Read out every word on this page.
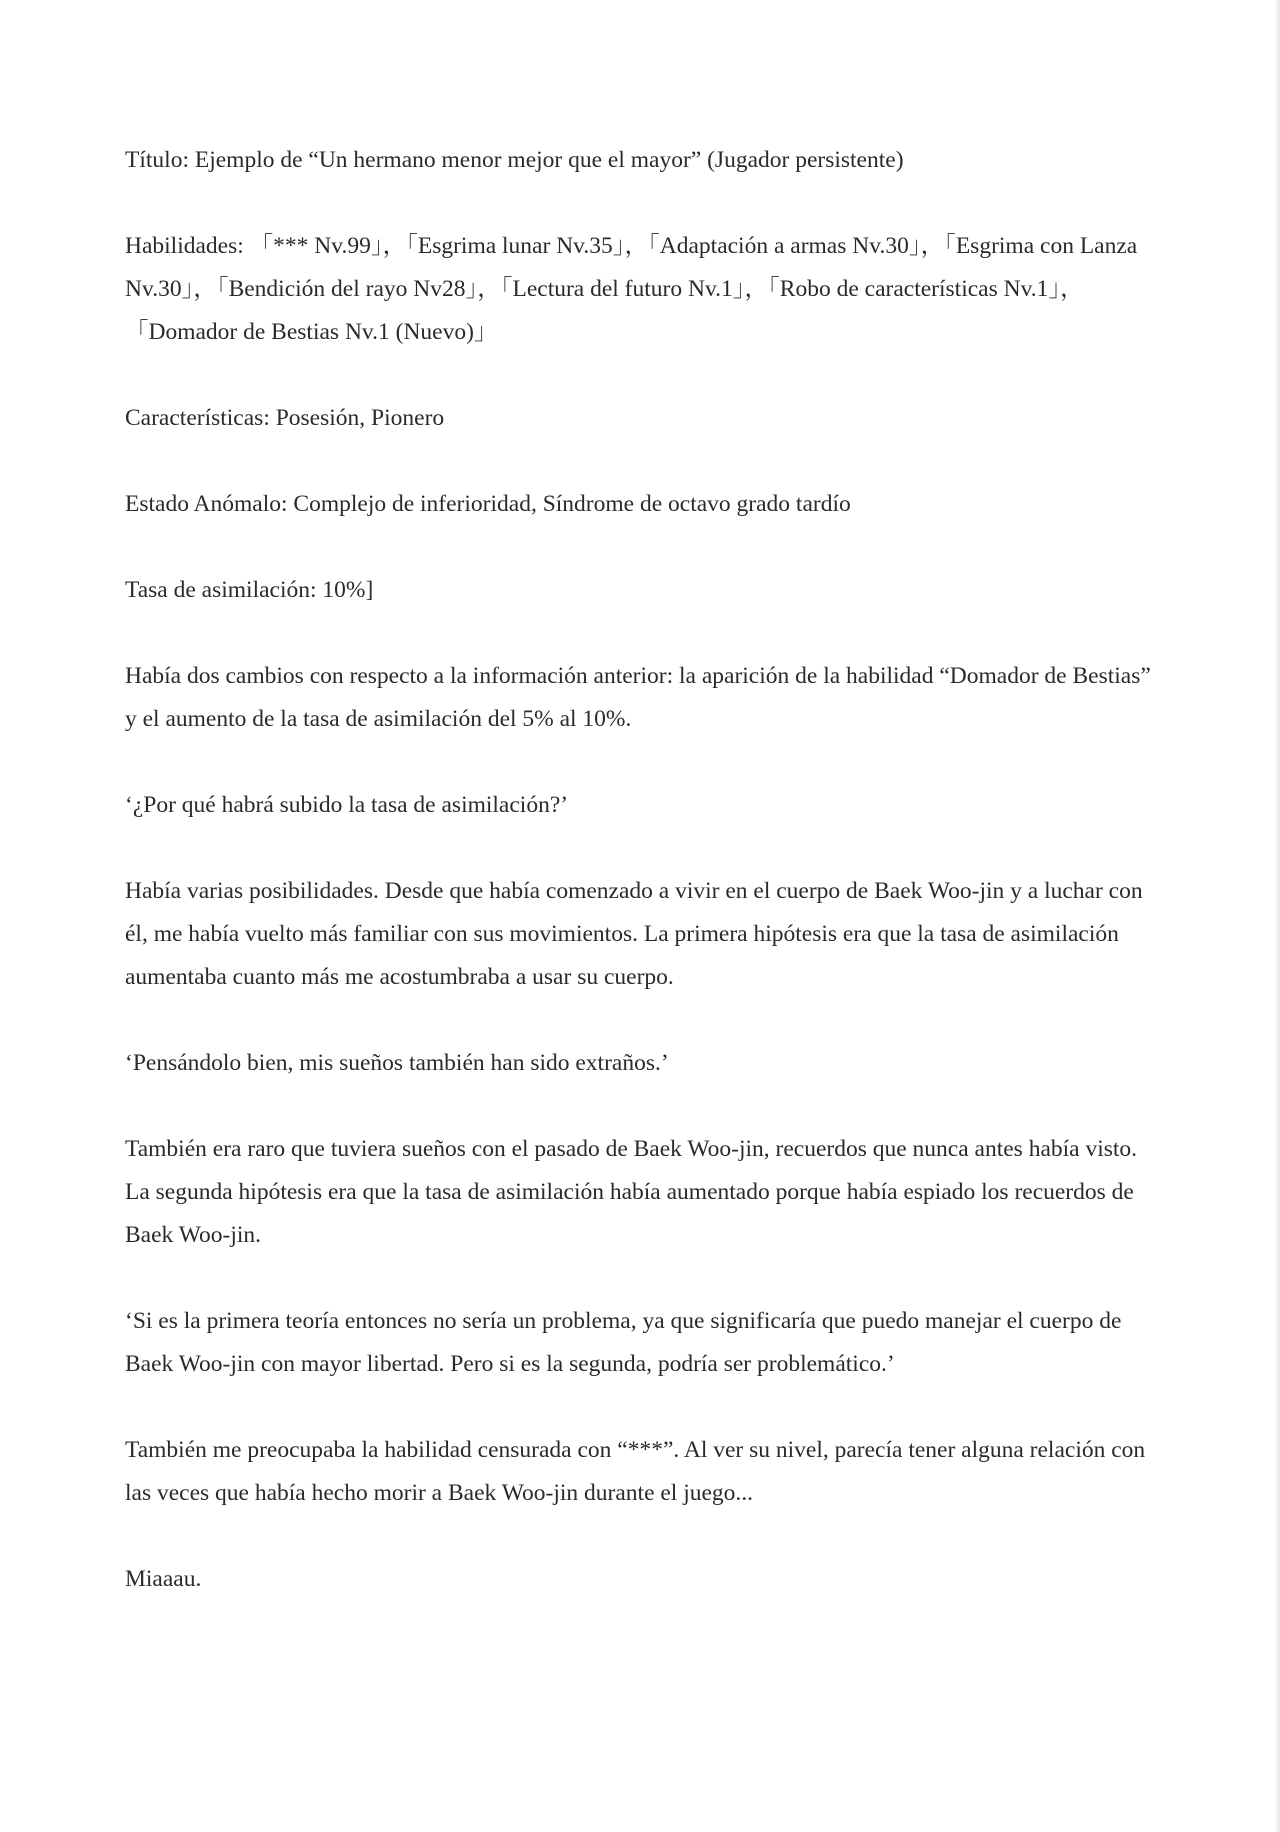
Título: Ejemplo de “Un hermano menor mejor que el mayor” (Jugador persistente)

Habilidades: 「*** Nv.99」，「Esgrima lunar Nv.35」，「Adaptación a armas Nv.30」，「Esgrima con Lanza Nv.30」，「Bendición del rayo Nv28」，「Lectura del futuro Nv.1」，「Robo de características Nv.1」，「Domador de Bestias Nv.1 (Nuevo)」

Características: Posesión, Pionero

Estado Anómalo: Complejo de inferioridad, Síndrome de octavo grado tardío

Tasa de asimilación: 10%]

Había dos cambios con respecto a la información anterior: la aparición de la habilidad “Domador de Bestias” y el aumento de la tasa de asimilación del 5% al 10%.

‘¿Por qué habrá subido la tasa de asimilación?’

Había varias posibilidades. Desde que había comenzado a vivir en el cuerpo de Baek Woo-jin y a luchar con él, me había vuelto más familiar con sus movimientos. La primera hipótesis era que la tasa de asimilación aumentaba cuanto más me acostumbraba a usar su cuerpo.

‘Pensándolo bien, mis sueños también han sido extraños.’

También era raro que tuviera sueños con el pasado de Baek Woo-jin, recuerdos que nunca antes había visto. La segunda hipótesis era que la tasa de asimilación había aumentado porque había espiado los recuerdos de Baek Woo-jin.

‘Si es la primera teoría entonces no sería un problema, ya que significaría que puedo manejar el cuerpo de Baek Woo-jin con mayor libertad. Pero si es la segunda, podría ser problemático.’

También me preocupaba la habilidad censurada con “***”. Al ver su nivel, parecía tener alguna relación con las veces que había hecho morir a Baek Woo-jin durante el juego...

Miaaau.
